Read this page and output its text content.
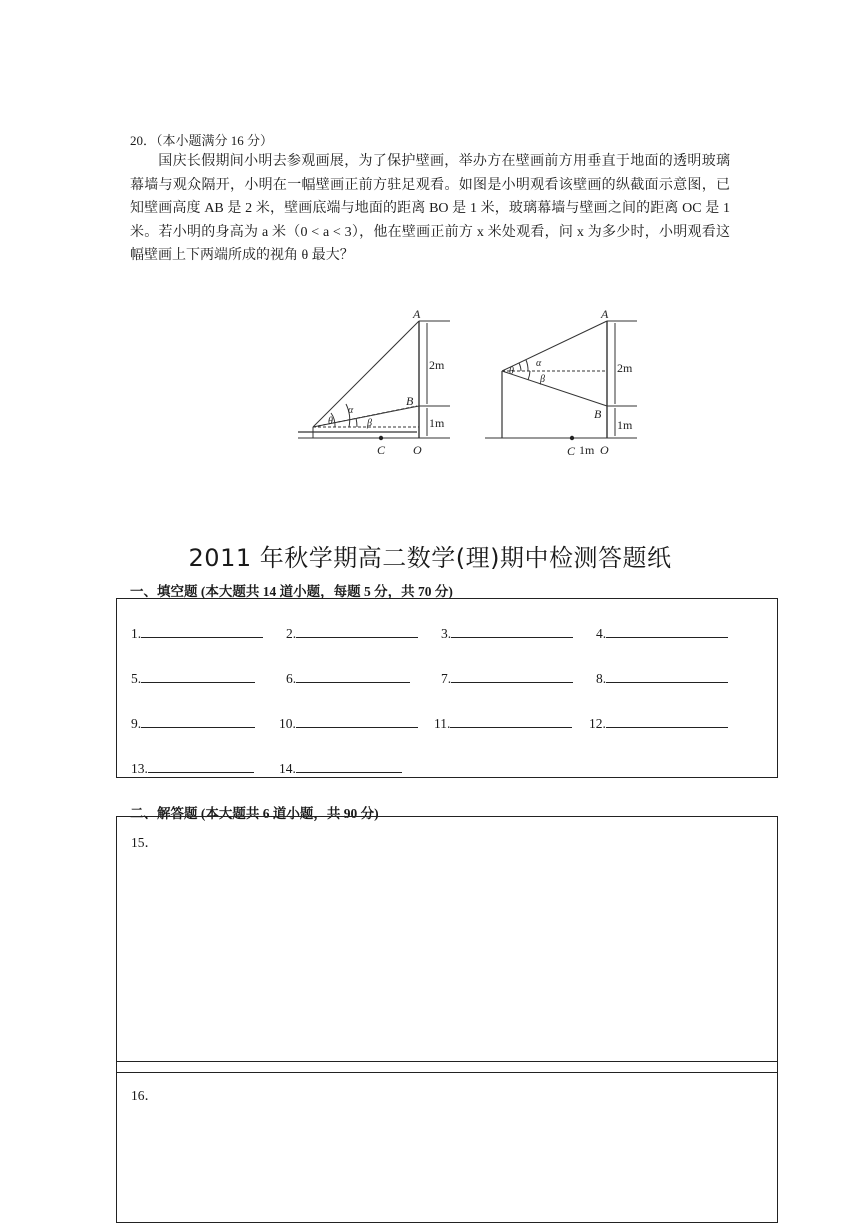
20．（本小题满分 16 分）
国庆长假期间小明去参观画展，为了保护壁画，举办方在壁画前方用垂直于地面的透明玻璃幕墙与观众隔开，小明在一幅壁画正前方驻足观看。如图是小明观看该壁画的纵截面示意图，已知壁画高度 AB 是 2 米，壁画底端与地面的距离 BO 是 1 米，玻璃幕墙与壁画之间的距离 OC 是 1 米。若小明的身高为 a 米（0 < a < 3），他在壁画正前方 x 米处观看，问 x 为多少时，小明观看这幅壁画上下两端所成的视角 θ 最大？
A
B
C O
α
β
θ
2m
1m
A
B
C O
α
β
θ	2m
1m
1m
2011 年秋学期高二数学(理)期中检测答题纸
一、填空题 (本大题共 14 道小题，每题 5 分，共 70 分)
1.	2.	3.	4.
5.	6.	7.	8.
9.	10.	11.	12.
13.	14.
二、解答题 (本大题共 6 道小题，共 90 分)
15．
16．
